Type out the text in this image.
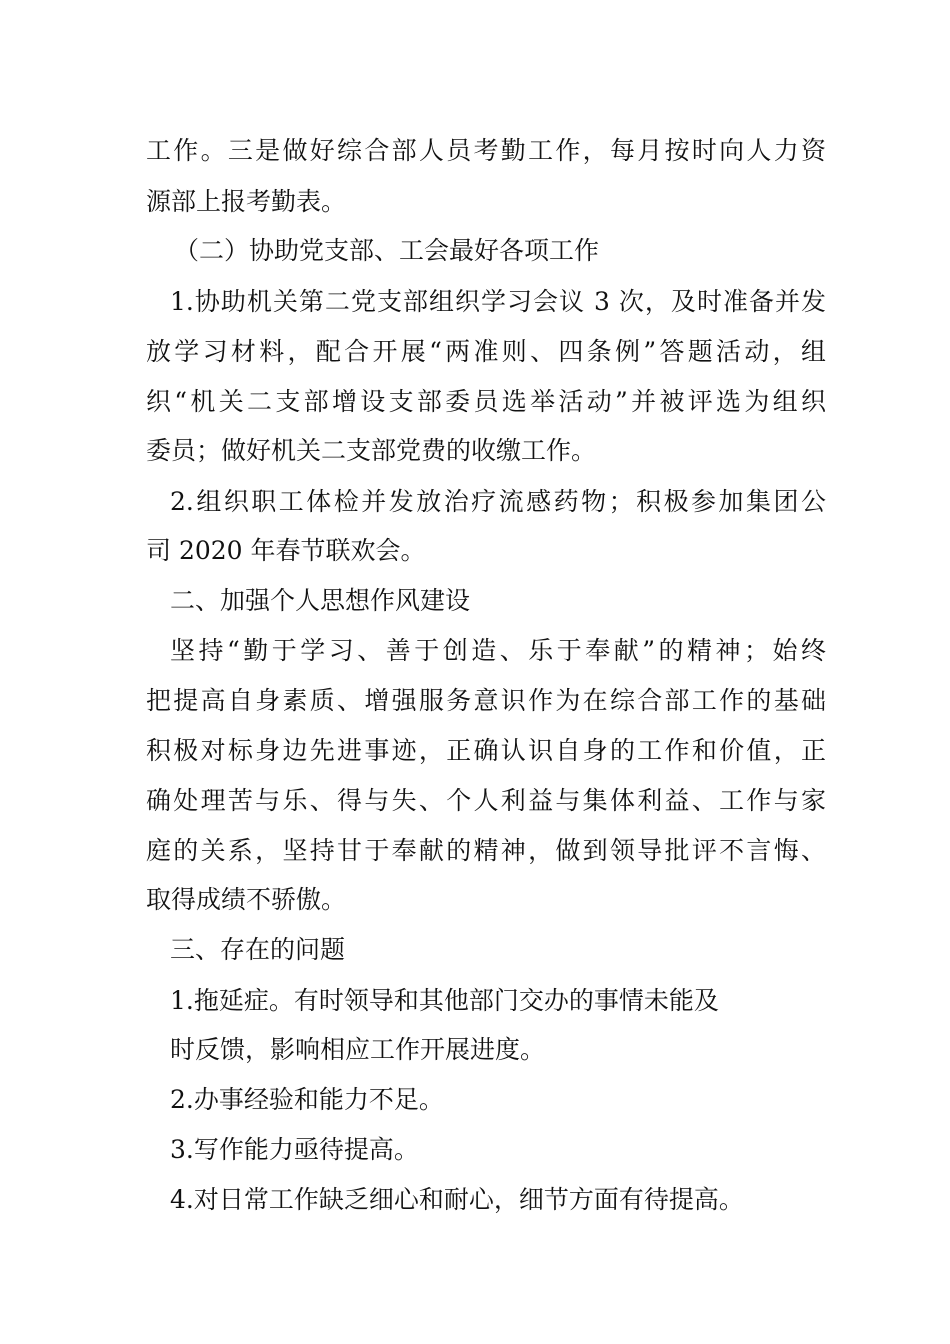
工作。三是做好综合部人员考勤工作，每月按时向人力资
源部上报考勤表。
（二）协助党支部、工会最好各项工作
1.协助机关第二党支部组织学习会议 3 次，及时准备并发
放学习材料，配合开展“两准则、四条例”答题活动，组
织“机关二支部增设支部委员选举活动”并被评选为组织
委员；做好机关二支部党费的收缴工作。
2.组织职工体检并发放治疗流感药物；积极参加集团公
司 2020 年春节联欢会。
二、加强个人思想作风建设
坚持“勤于学习、善于创造、乐于奉献”的精神；始终
把提高自身素质、增强服务意识作为在综合部工作的基础
积极对标身边先进事迹，正确认识自身的工作和价值，正
确处理苦与乐、得与失、个人利益与集体利益、工作与家
庭的关系，坚持甘于奉献的精神，做到领导批评不言悔、
取得成绩不骄傲。
三、存在的问题
1.拖延症。有时领导和其他部门交办的事情未能及
时反馈，影响相应工作开展进度。
2.办事经验和能力不足。
3.写作能力亟待提高。
4.对日常工作缺乏细心和耐心，细节方面有待提高。
